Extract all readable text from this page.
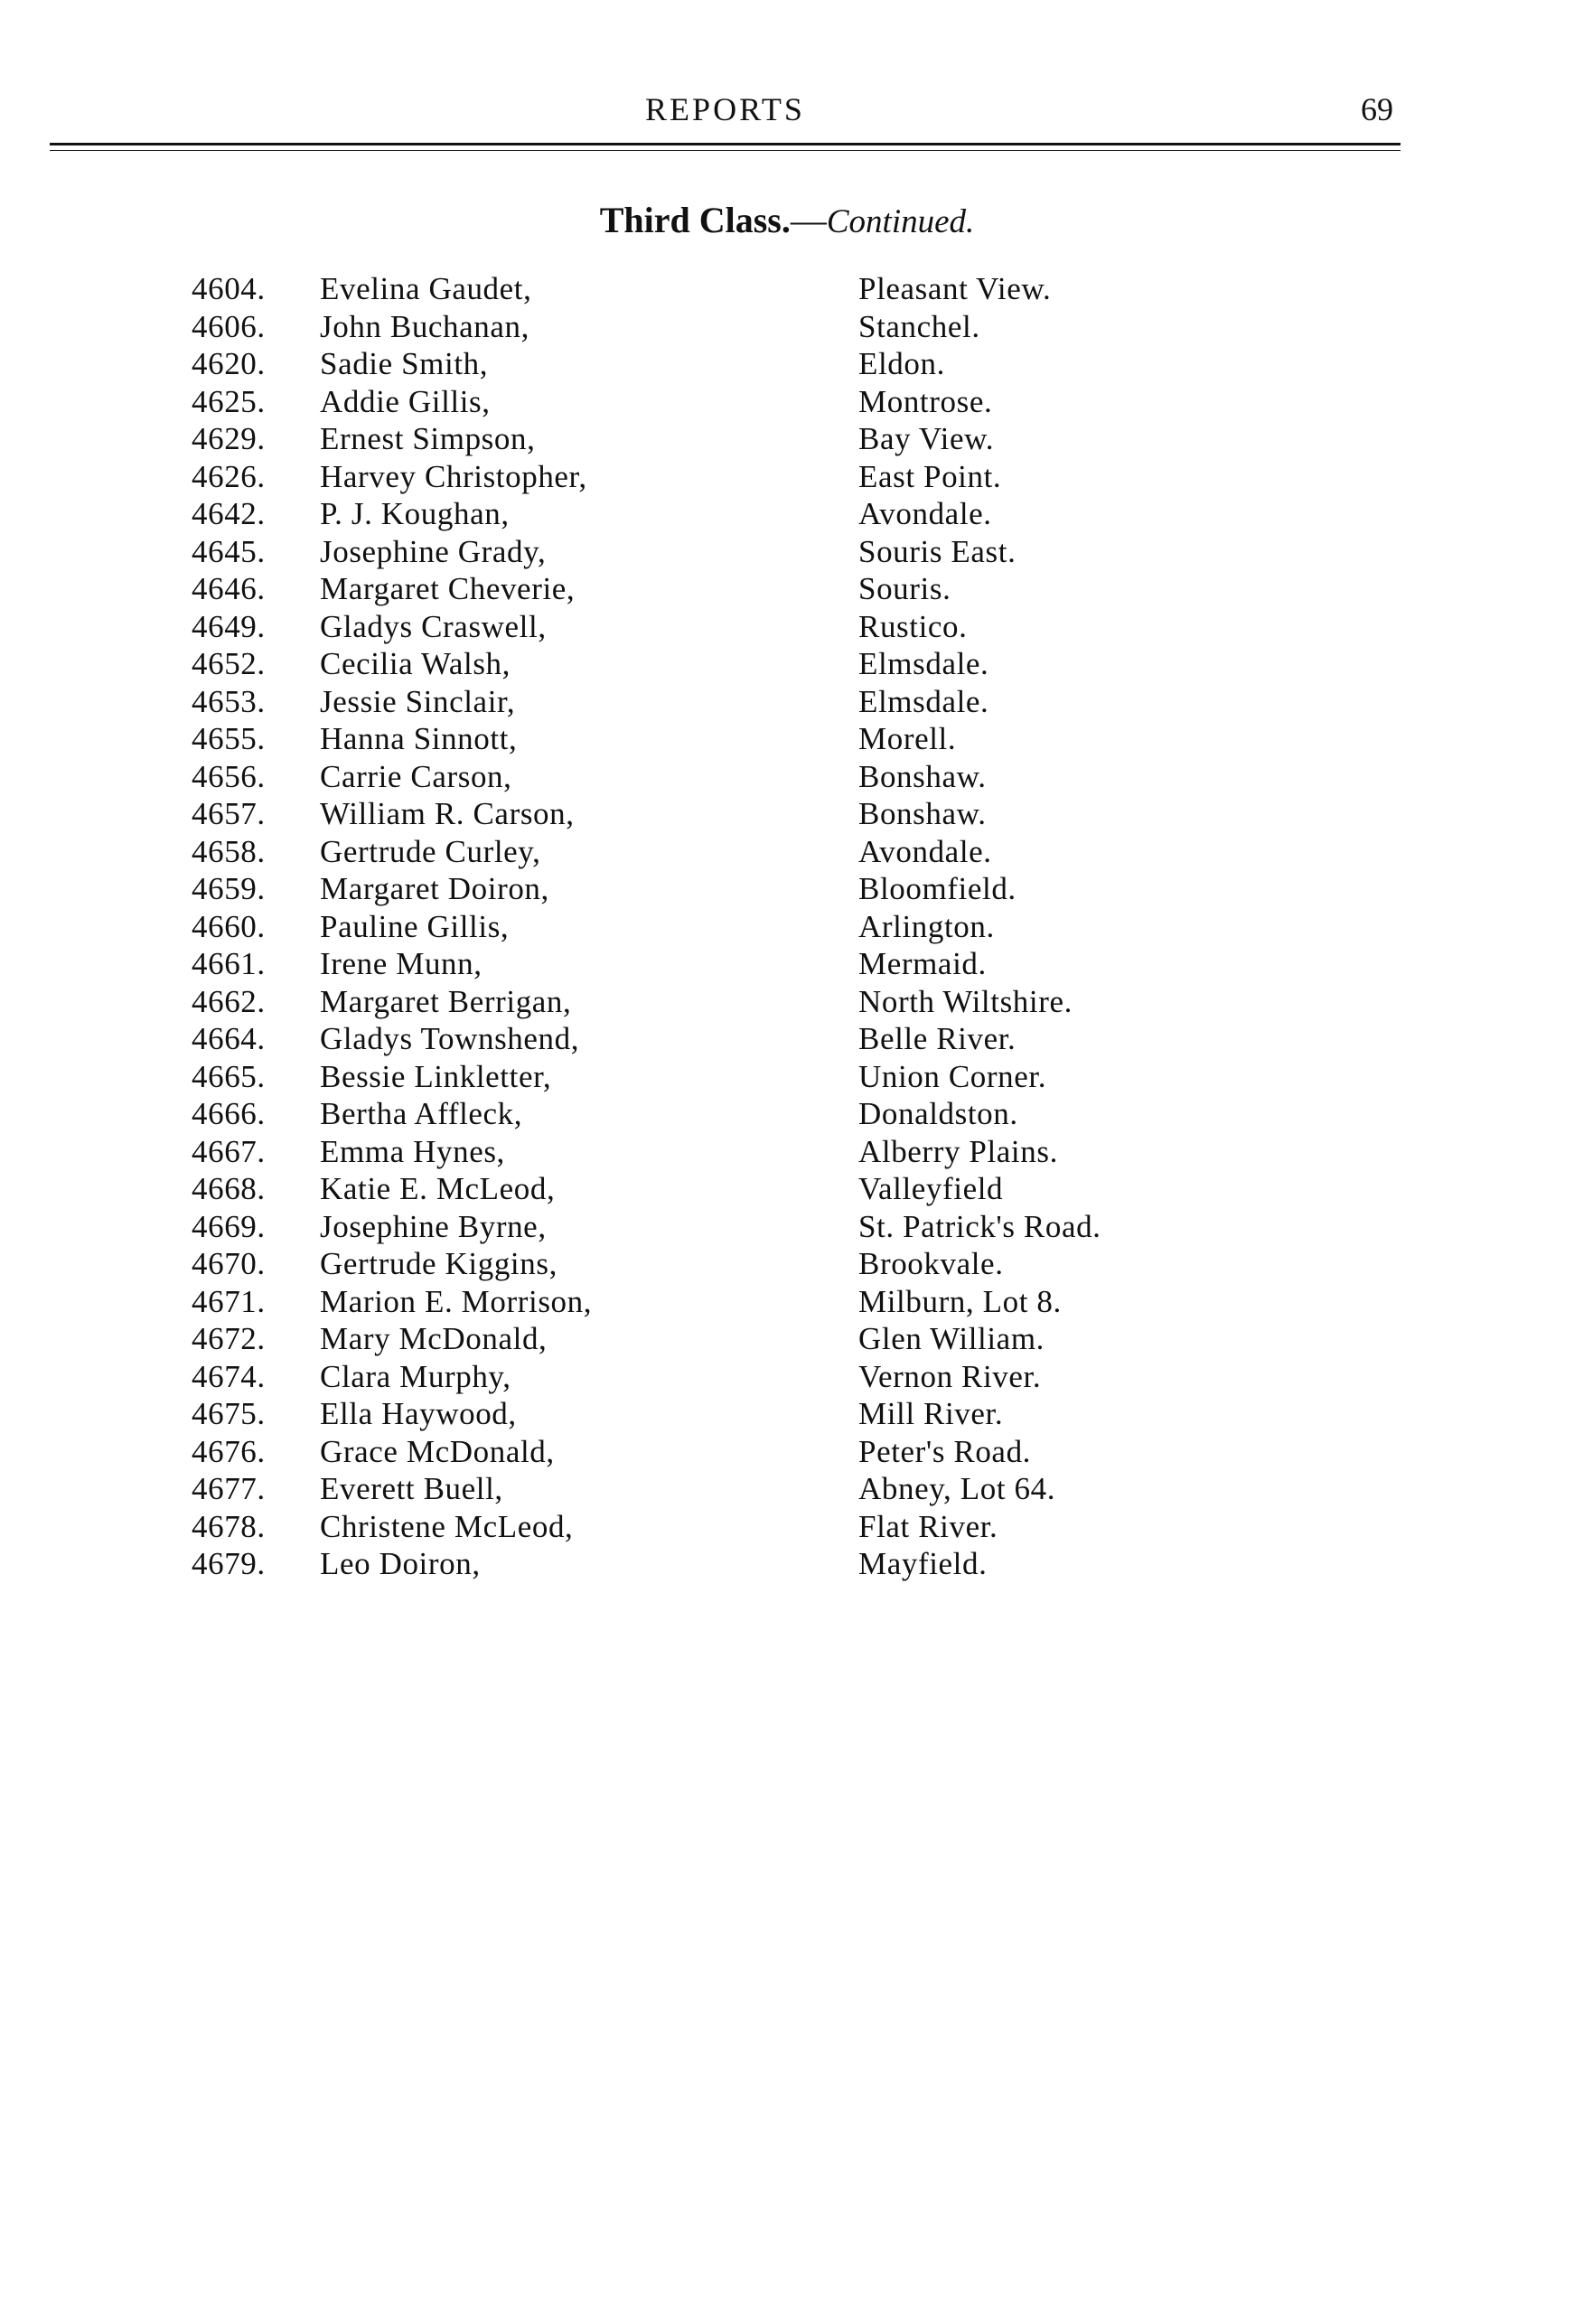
REPORTS	69
Third Class.—Continued.
4604.	Evelina Gaudet,	Pleasant View.
4606.	John Buchanan,	Stanchel.
4620.	Sadie Smith,	Eldon.
4625.	Addie Gillis,	Montrose.
4629.	Ernest Simpson,	Bay View.
4626.	Harvey Christopher,	East Point.
4642.	P. J. Koughan,	Avondale.
4645.	Josephine Grady,	Souris East.
4646.	Margaret Cheverie,	Souris.
4649.	Gladys Craswell,	Rustico.
4652.	Cecilia Walsh,	Elmsdale.
4653.	Jessie Sinclair,	Elmsdale.
4655.	Hanna Sinnott,	Morell.
4656.	Carrie Carson,	Bonshaw.
4657.	William R. Carson,	Bonshaw.
4658.	Gertrude Curley,	Avondale.
4659.	Margaret Doiron,	Bloomfield.
4660.	Pauline Gillis,	Arlington.
4661.	Irene Munn,	Mermaid.
4662.	Margaret Berrigan,	North Wiltshire.
4664.	Gladys Townshend,	Belle River.
4665.	Bessie Linkletter,	Union Corner.
4666.	Bertha Affleck,	Donaldston.
4667.	Emma Hynes,	Alberry Plains.
4668.	Katie E. McLeod,	Valleyfield
4669.	Josephine Byrne,	St. Patrick's Road.
4670.	Gertrude Kiggins,	Brookvale.
4671.	Marion E. Morrison,	Milburn, Lot 8.
4672.	Mary McDonald,	Glen William.
4674.	Clara Murphy,	Vernon River.
4675.	Ella Haywood,	Mill River.
4676.	Grace McDonald,	Peter's Road.
4677.	Everett Buell,	Abney, Lot 64.
4678.	Christene McLeod,	Flat River.
4679.	Leo Doiron,	Mayfield.
